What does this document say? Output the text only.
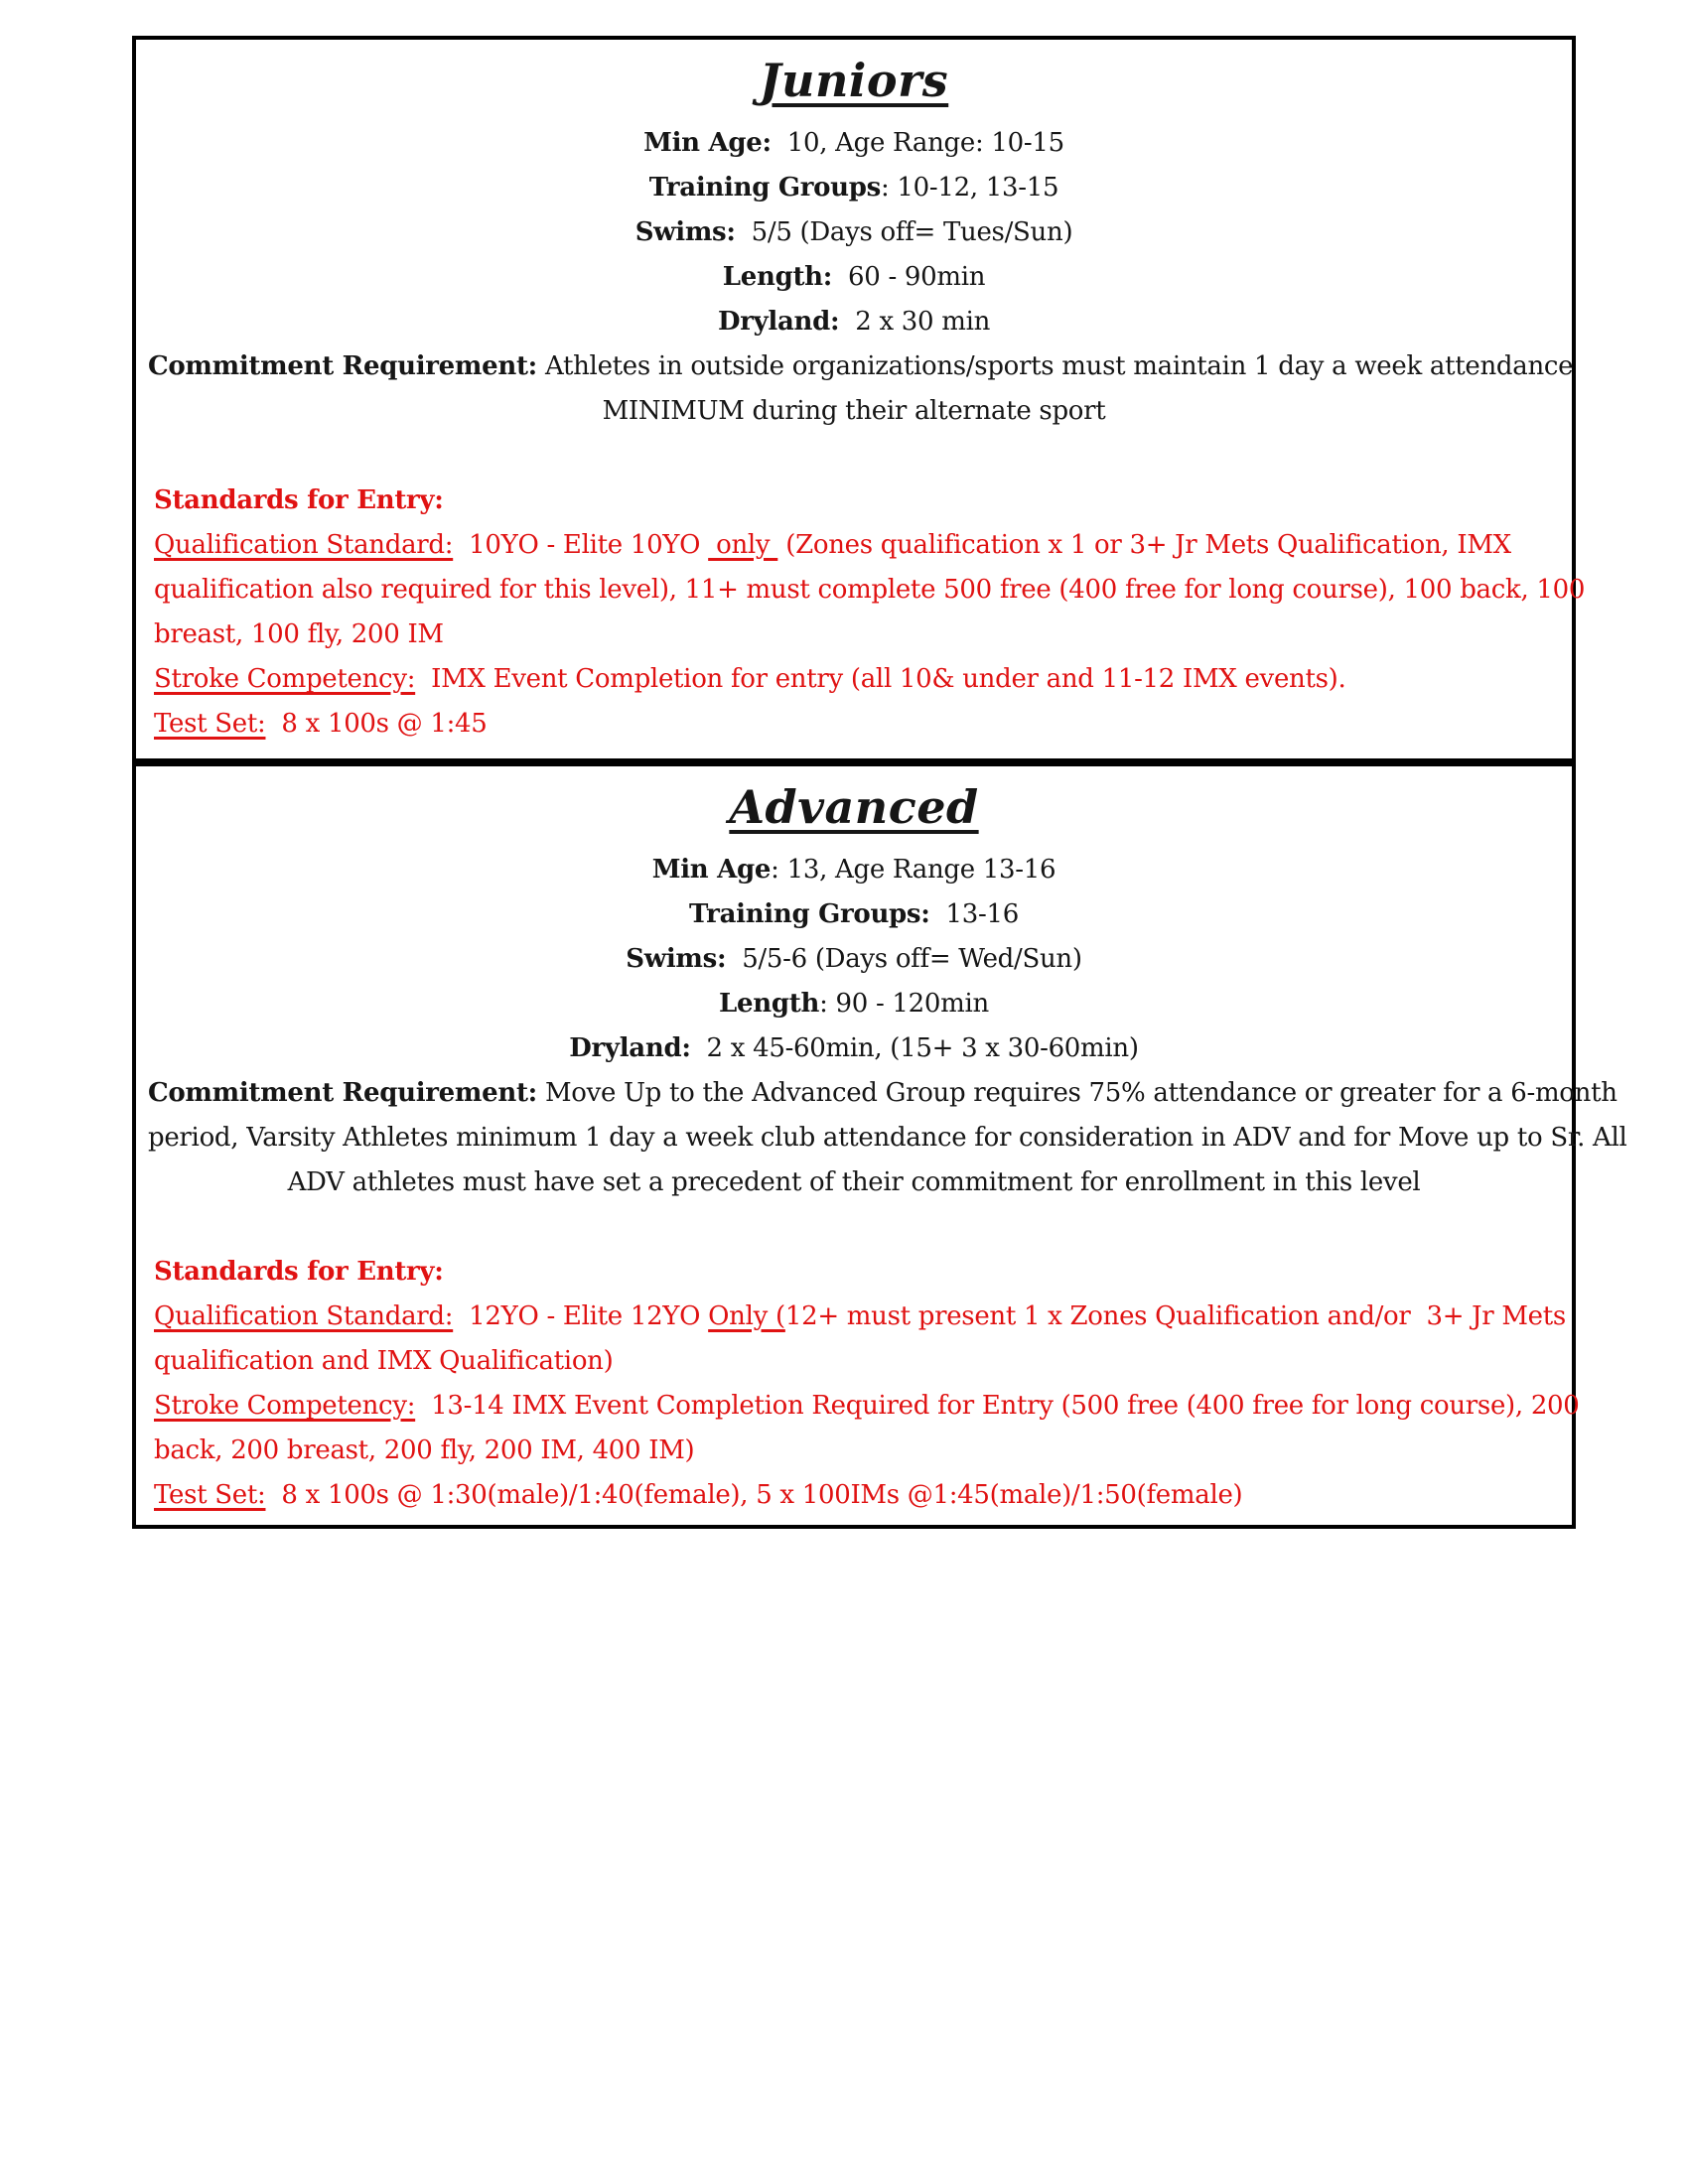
Juniors
Min Age:  10, Age Range: 10-15
Training Groups: 10-12, 13-15
Swims:  5/5 (Days off= Tues/Sun)
Length:  60 - 90min
Dryland:  2 x 30 min
Commitment Requirement: Athletes in outside organizations/sports must maintain 1 day a week attendance
MINIMUM during their alternate sport
Standards for Entry:
Qualification Standard:  10YO - Elite 10YO  only  (Zones qualification x 1 or 3+ Jr Mets Qualification, IMX
qualification also required for this level), 11+ must complete 500 free (400 free for long course), 100 back, 100
breast, 100 fly, 200 IM
Stroke Competency:  IMX Event Completion for entry (all 10& under and 11-12 IMX events).
Test Set:  8 x 100s @ 1:45
Advanced
Min Age: 13, Age Range 13-16
Training Groups:  13-16
Swims:  5/5-6 (Days off= Wed/Sun)
Length: 90 - 120min
Dryland:  2 x 45-60min, (15+ 3 x 30-60min)
Commitment Requirement: Move Up to the Advanced Group requires 75% attendance or greater for a 6-month
period, Varsity Athletes minimum 1 day a week club attendance for consideration in ADV and for Move up to Sr. All
ADV athletes must have set a precedent of their commitment for enrollment in this level
Standards for Entry:
Qualification Standard:  12YO - Elite 12YO Only (12+ must present 1 x Zones Qualification and/or  3+ Jr Mets
qualification and IMX Qualification)
Stroke Competency:  13-14 IMX Event Completion Required for Entry (500 free (400 free for long course), 200
back, 200 breast, 200 fly, 200 IM, 400 IM)
Test Set:  8 x 100s @ 1:30(male)/1:40(female), 5 x 100IMs @1:45(male)/1:50(female)
